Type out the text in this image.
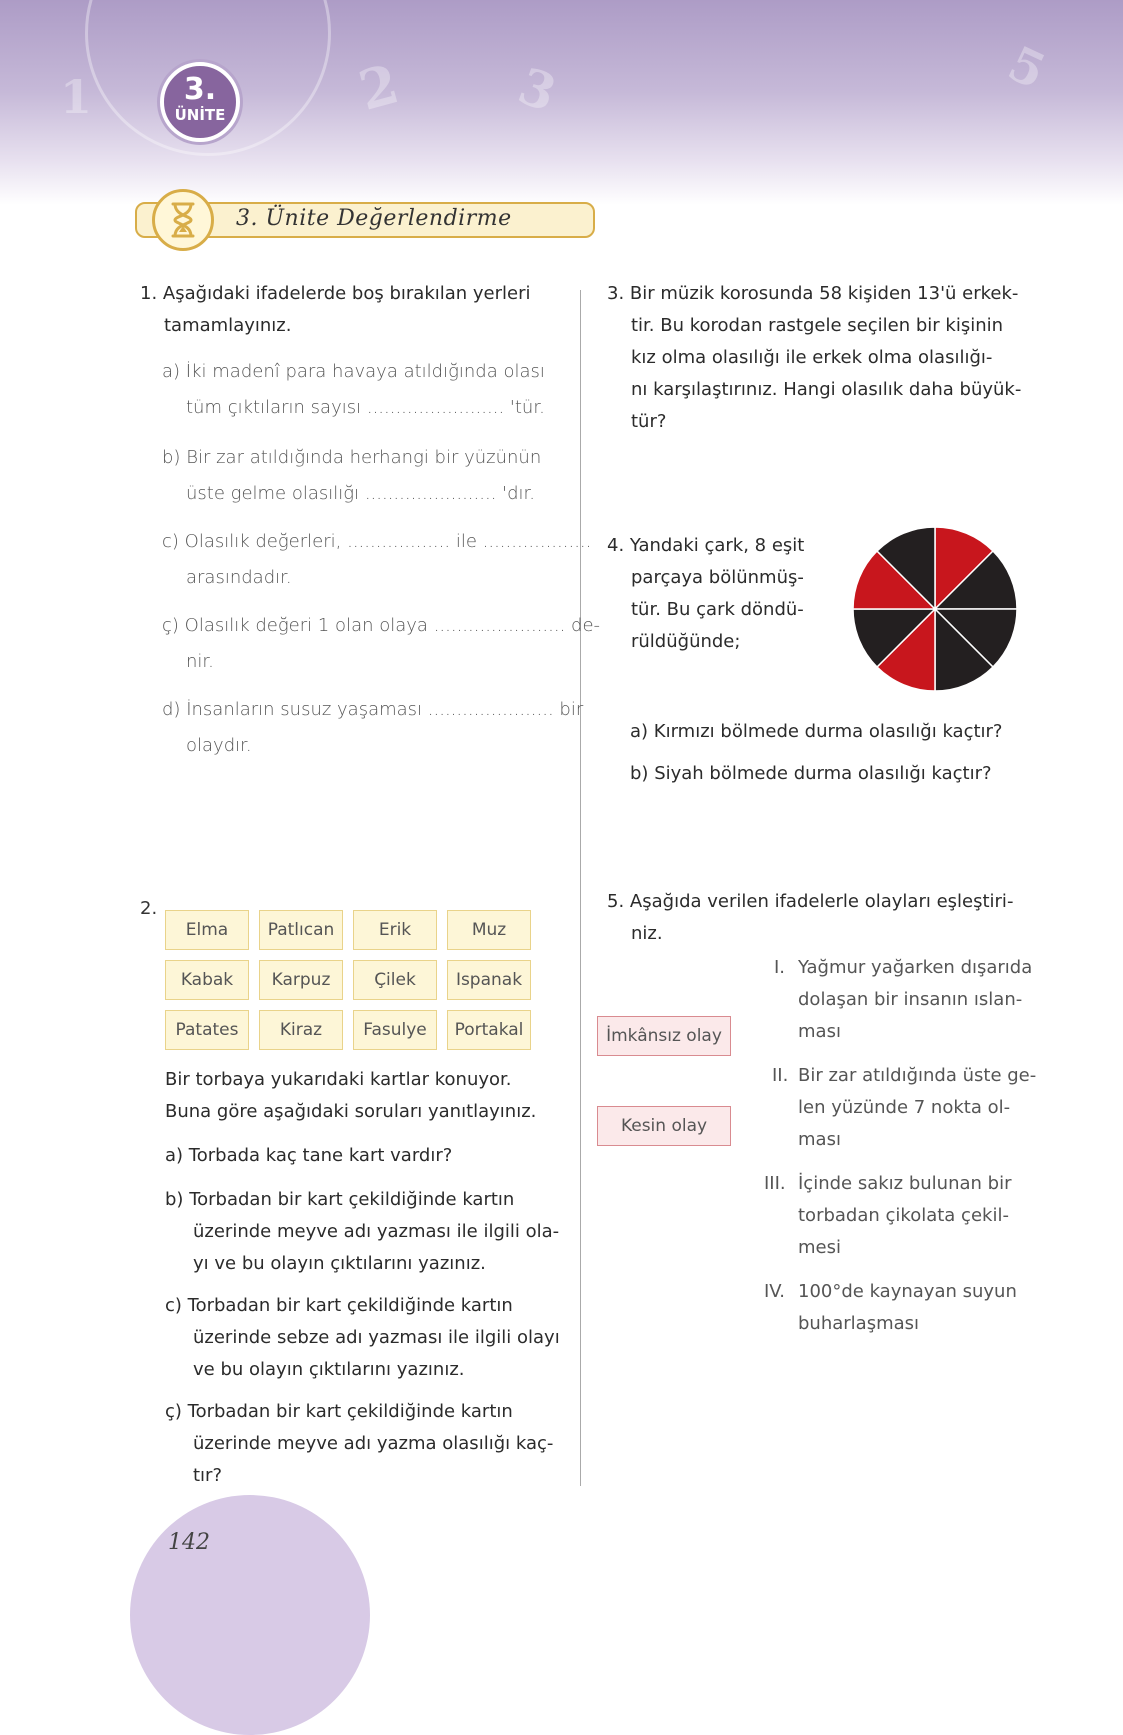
1	2 3	5
3.
ÜNİTE
3. Ünite Değerlendirme
1. Aşağıdaki ifadelerde boş bırakılan yerleri
tamamlayınız.
a) İki madenî para havaya atıldığında olası
tüm çıktıların sayısı ........................ 'tür.
b) Bir zar atıldığında herhangi bir yüzünün
üste gelme olasılığı ....................... 'dır.
c) Olasılık değerleri, .................. ile ...................
arasındadır.
ç) Olasılık değeri 1 olan olaya ....................... de-
nir.
d) İnsanların susuz yaşaması ...................... bir
olaydır.
2.
Elma	Patlıcan	Erik	Muz
Kabak	Karpuz	Çilek	Ispanak
Patates	Kiraz	Fasulye	Portakal
Bir torbaya yukarıdaki kartlar konuyor.
Buna göre aşağıdaki soruları yanıtlayınız.
a) Torbada kaç tane kart vardır?
b) Torbadan bir kart çekildiğinde kartın
üzerinde meyve adı yazması ile ilgili ola-
yı ve bu olayın çıktılarını yazınız.
c) Torbadan bir kart çekildiğinde kartın
üzerinde sebze adı yazması ile ilgili olayı
ve bu olayın çıktılarını yazınız.
ç) Torbadan bir kart çekildiğinde kartın
üzerinde meyve adı yazma olasılığı kaç-
tır?
3. Bir müzik korosunda 58 kişiden 13'ü erkek-
tir. Bu korodan rastgele seçilen bir kişinin
kız olma olasılığı ile erkek olma olasılığı-
nı karşılaştırınız. Hangi olasılık daha büyük-
tür?
4. Yandaki çark, 8 eşit
parçaya bölünmüş-
tür. Bu çark döndü-
rüldüğünde;
a) Kırmızı bölmede durma olasılığı kaçtır?
b) Siyah bölmede durma olasılığı kaçtır?
5. Aşağıda verilen ifadelerle olayları eşleştiri-
niz.
İmkânsız olay
Kesin olay
I. Yağmur yağarken dışarıda
dolaşan bir insanın ıslan-
ması
II. Bir zar atıldığında üste ge-
len yüzünde 7 nokta ol-
ması
III. İçinde sakız bulunan bir
torbadan çikolata çekil-
mesi
IV. 100°de kaynayan suyun
buharlaşması
142
